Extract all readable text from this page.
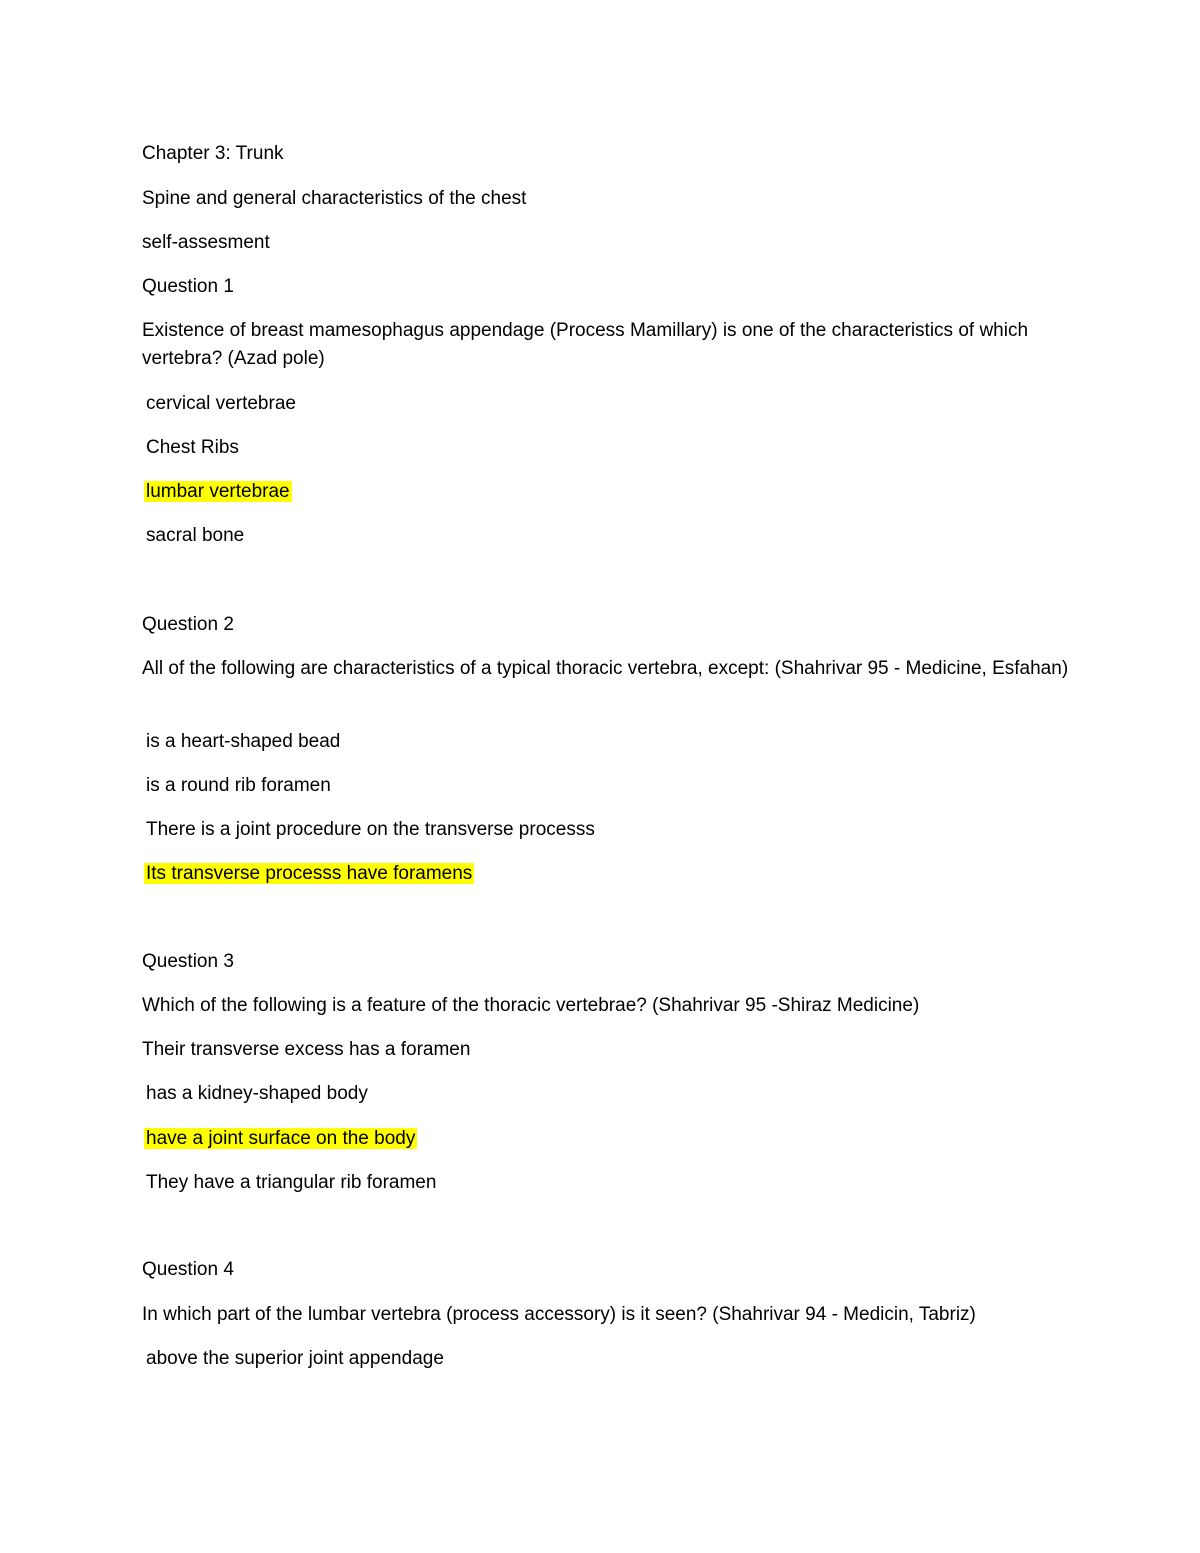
Chapter 3: Trunk
Spine and general characteristics of the chest
self-assesment
Question 1
Existence of breast mamesophagus appendage (Process Mamillary) is one of the characteristics of which vertebra? (Azad pole)
cervical vertebrae
Chest Ribs
lumbar vertebrae
sacral bone
Question 2
All of the following are characteristics of a typical thoracic vertebra, except: (Shahrivar 95 - Medicine, Esfahan)
is a heart-shaped bead
is a round rib foramen
There is a joint procedure on the transverse processs
Its transverse processs have foramens
Question 3
Which of the following is a feature of the thoracic vertebrae? (Shahrivar 95 -Shiraz Medicine)
Their transverse excess has a foramen
has a kidney-shaped body
have a joint surface on the body
They have a triangular rib foramen
Question 4
In which part of the lumbar vertebra (process accessory) is it seen? (Shahrivar 94 - Medicin, Tabriz)
above the superior joint appendage
